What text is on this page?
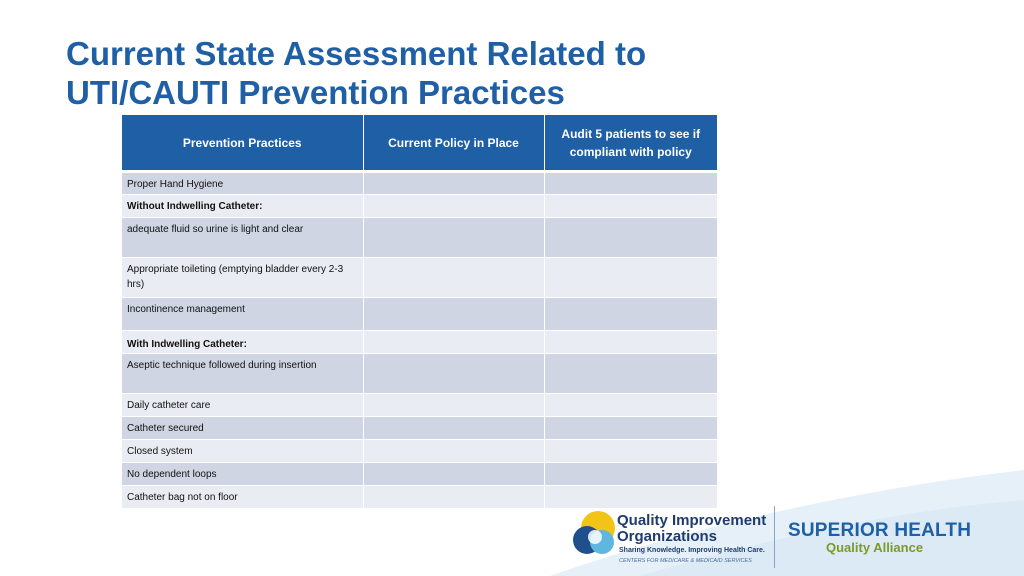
Current State Assessment Related to
UTI/CAUTI Prevention Practices
Prevention Practices	Current Policy in Place	Audit 5 patients to see if compliant with policy
Proper Hand Hygiene		
Without Indwelling Catheter:		
adequate fluid so urine is light and clear		
Appropriate toileting (emptying bladder every 2-3 hrs)		
Incontinence management		
With Indwelling Catheter:		
Aseptic technique followed during insertion		
Daily catheter care		
Catheter secured		
Closed system		
No dependent loops		
Catheter bag not on floor		
Quality Improvement
Organizations
Sharing Knowledge. Improving Health Care.
CENTERS FOR MEDICARE & MEDICAID SERVICES
SUPERIOR HEALTH
Quality Alliance
